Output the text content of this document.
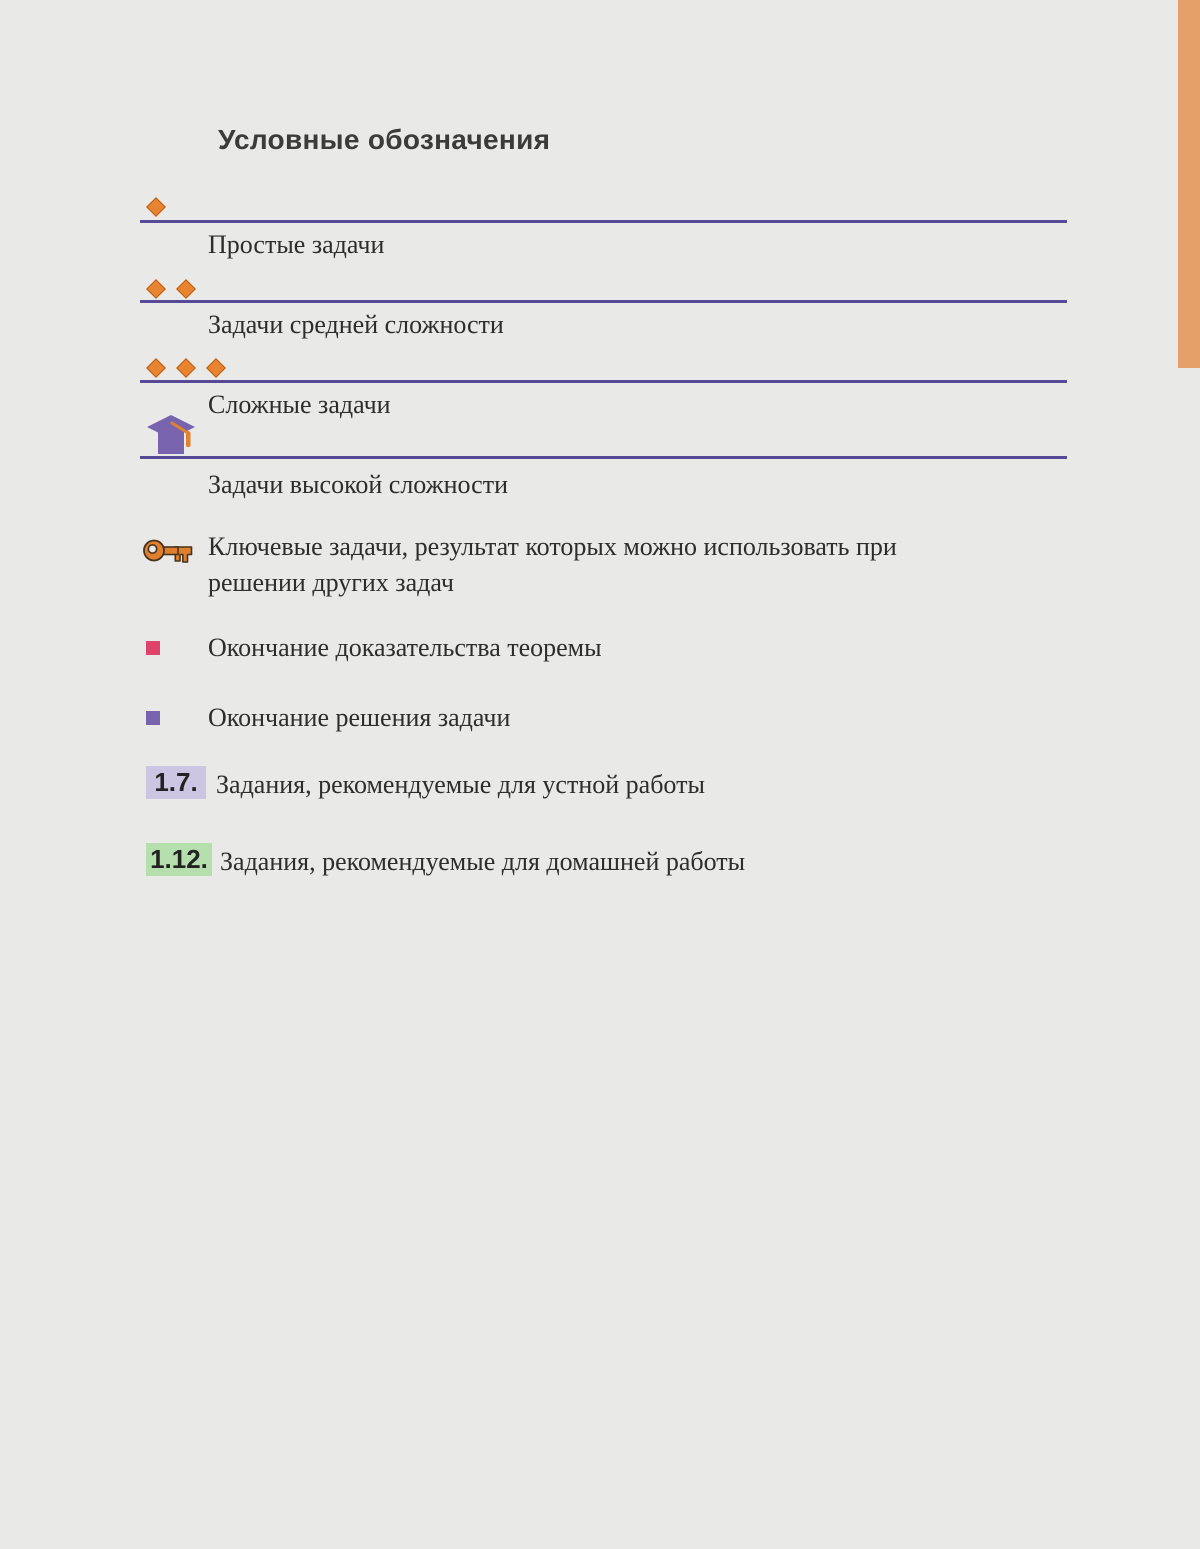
Условные обозначения
Простые задачи
Задачи средней сложности
Сложные задачи
Задачи высокой сложности
Ключевые задачи, результат которых можно использовать при решении других задач
Окончание доказательства теоремы
Окончание решения задачи
1.7. Задания, рекомендуемые для устной работы
1.12. Задания, рекомендуемые для домашней работы
